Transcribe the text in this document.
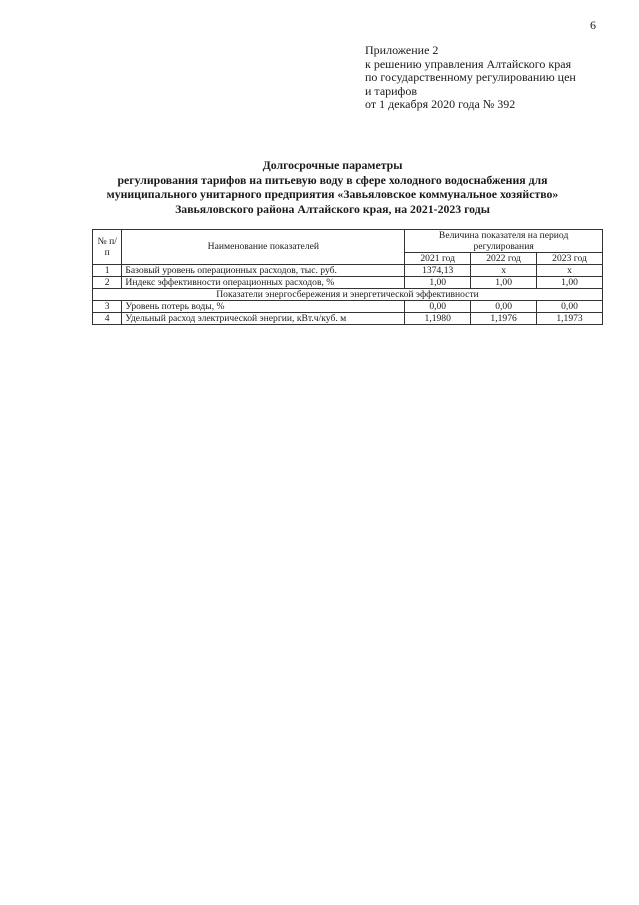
6
Приложение 2
к решению управления Алтайского края
по государственному регулированию цен
и тарифов
от 1 декабря 2020 года № 392
Долгосрочные параметры
регулирования тарифов на питьевую воду в сфере холодного водоснабжения для
муниципального унитарного предприятия «Завьяловское коммунальное хозяйство»
Завьяловского района Алтайского края, на 2021-2023 годы
№ п/п	Наименование показателей	Величина показателя на период регулирования		
		2021 год	2022 год	2023 год
1	Базовый уровень операционных расходов, тыс. руб.	1374,13	x	x
2	Индекс эффективности операционных расходов, %	1,00	1,00	1,00
Показатели энергосбережения и энергетической эффективности				
3	Уровень потерь воды, %	0,00	0,00	0,00
4	Удельный расход электрической энергии, кВт.ч/куб. м	1,1980	1,1976	1,1973
